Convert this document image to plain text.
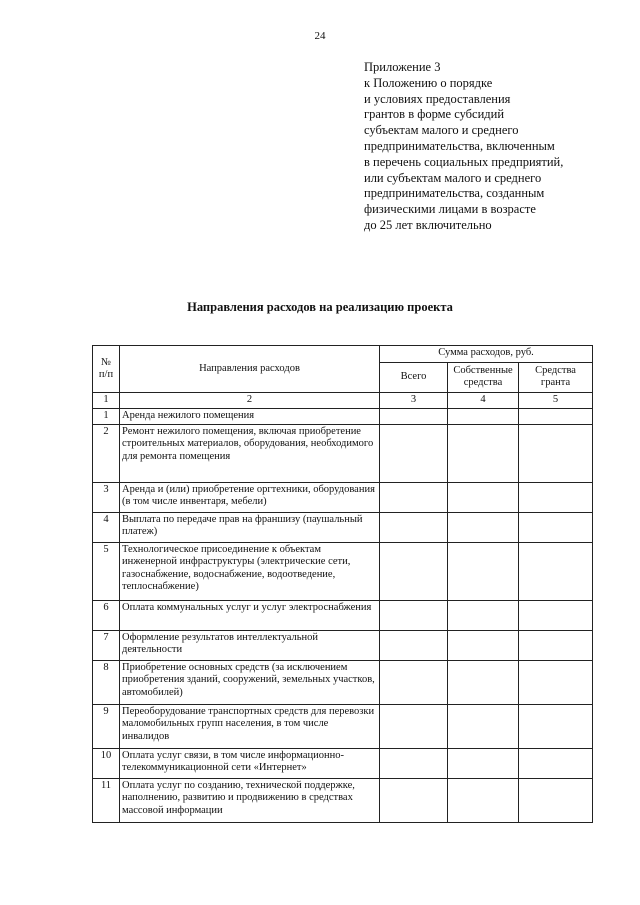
24
Приложение 3
к Положению о порядке
и условиях предоставления
грантов в форме субсидий
субъектам малого и среднего
предпринимательства, включенным
в перечень социальных предприятий,
или субъектам малого и среднего
предпринимательства, созданным
физическими лицами в возрасте
до 25 лет включительно
Направления расходов на реализацию проекта
№
п/п	Направления расходов	Сумма расходов, руб.		
		Всего	Собственные средства	Средства гранта
1	2	3	4	5
1	Аренда нежилого помещения			
2	Ремонт нежилого помещения, включая приобретение строительных материалов, оборудования, необходимого для ремонта помещения			
3	Аренда и (или) приобретение оргтехники, оборудования (в том числе инвентаря, мебели)			
4	Выплата по передаче прав на франшизу (паушальный платеж)			
5	Технологическое присоединение к объектам инженерной инфраструктуры (электрические сети, газоснабжение, водоснабжение, водоотведение, теплоснабжение)			
6	Оплата коммунальных услуг и услуг электроснабжения			
7	Оформление результатов интеллектуальной деятельности			
8	Приобретение основных средств (за исключением приобретения зданий, сооружений, земельных участков, автомобилей)			
9	Переоборудование транспортных средств для перевозки маломобильных групп населения, в том числе инвалидов			
10	Оплата услуг связи, в том числе информационно-телекоммуникационной сети «Интернет»			
11	Оплата услуг по созданию, технической поддержке, наполнению, развитию и продвижению в средствах массовой информации			
